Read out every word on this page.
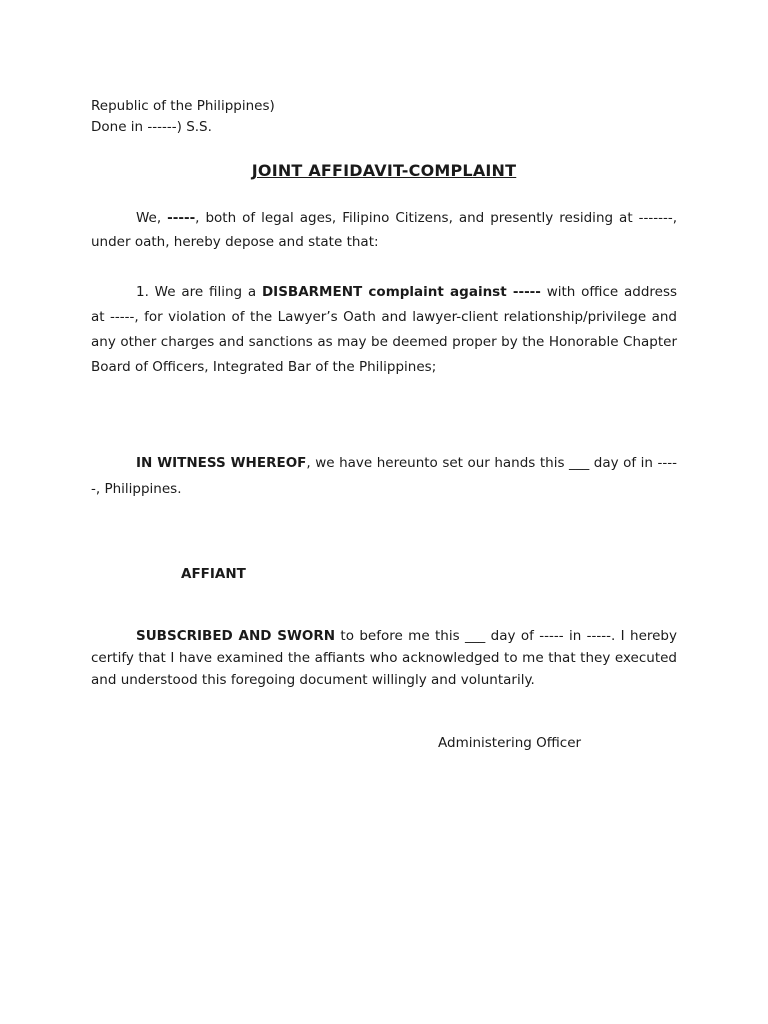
Republic of the Philippines)
Done in ------) S.S.
JOINT AFFIDAVIT-COMPLAINT
We, -----, both of legal ages, Filipino Citizens, and presently residing at -------, under oath, hereby depose and state that:
1. We are filing a DISBARMENT complaint against ----- with office address at -----, for violation of the Lawyer’s Oath and lawyer-client relationship/privilege and any other charges and sanctions as may be deemed proper by the Honorable Chapter Board of Officers, Integrated Bar of the Philippines;
IN WITNESS WHEREOF, we have hereunto set our hands this ___ day of in -----, Philippines.
AFFIANT
SUBSCRIBED AND SWORN to before me this ___ day of ----- in -----. I hereby certify that I have examined the affiants who acknowledged to me that they executed and understood this foregoing document willingly and voluntarily.
Administering Officer
